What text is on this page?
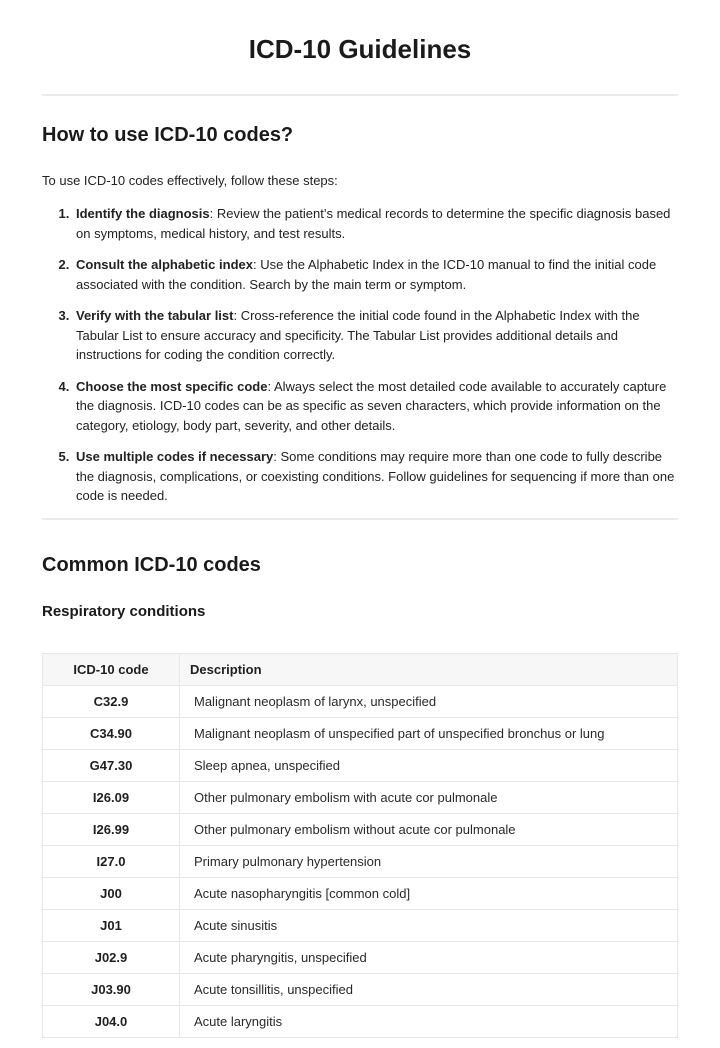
ICD-10 Guidelines
How to use ICD-10 codes?

To use ICD-10 codes effectively, follow these steps:

1. Identify the diagnosis: Review the patient’s medical records to determine the specific diagnosis based on symptoms, medical history, and test results.
2. Consult the alphabetic index: Use the Alphabetic Index in the ICD-10 manual to find the initial code associated with the condition. Search by the main term or symptom.
3. Verify with the tabular list: Cross-reference the initial code found in the Alphabetic Index with the Tabular List to ensure accuracy and specificity. The Tabular List provides additional details and instructions for coding the condition correctly.
4. Choose the most specific code: Always select the most detailed code available to accurately capture the diagnosis. ICD-10 codes can be as specific as seven characters, which provide information on the category, etiology, body part, severity, and other details.
5. Use multiple codes if necessary: Some conditions may require more than one code to fully describe the diagnosis, complications, or coexisting conditions. Follow guidelines for sequencing if more than one code is needed.
Common ICD-10 codes
Respiratory conditions
ICD-10 code	Description
C32.9	Malignant neoplasm of larynx, unspecified
C34.90	Malignant neoplasm of unspecified part of unspecified bronchus or lung
G47.30	Sleep apnea, unspecified
I26.09	Other pulmonary embolism with acute cor pulmonale
I26.99	Other pulmonary embolism without acute cor pulmonale
I27.0	Primary pulmonary hypertension
J00	Acute nasopharyngitis [common cold]
J01	Acute sinusitis
J02.9	Acute pharyngitis, unspecified
J03.90	Acute tonsillitis, unspecified
J04.0	Acute laryngitis
